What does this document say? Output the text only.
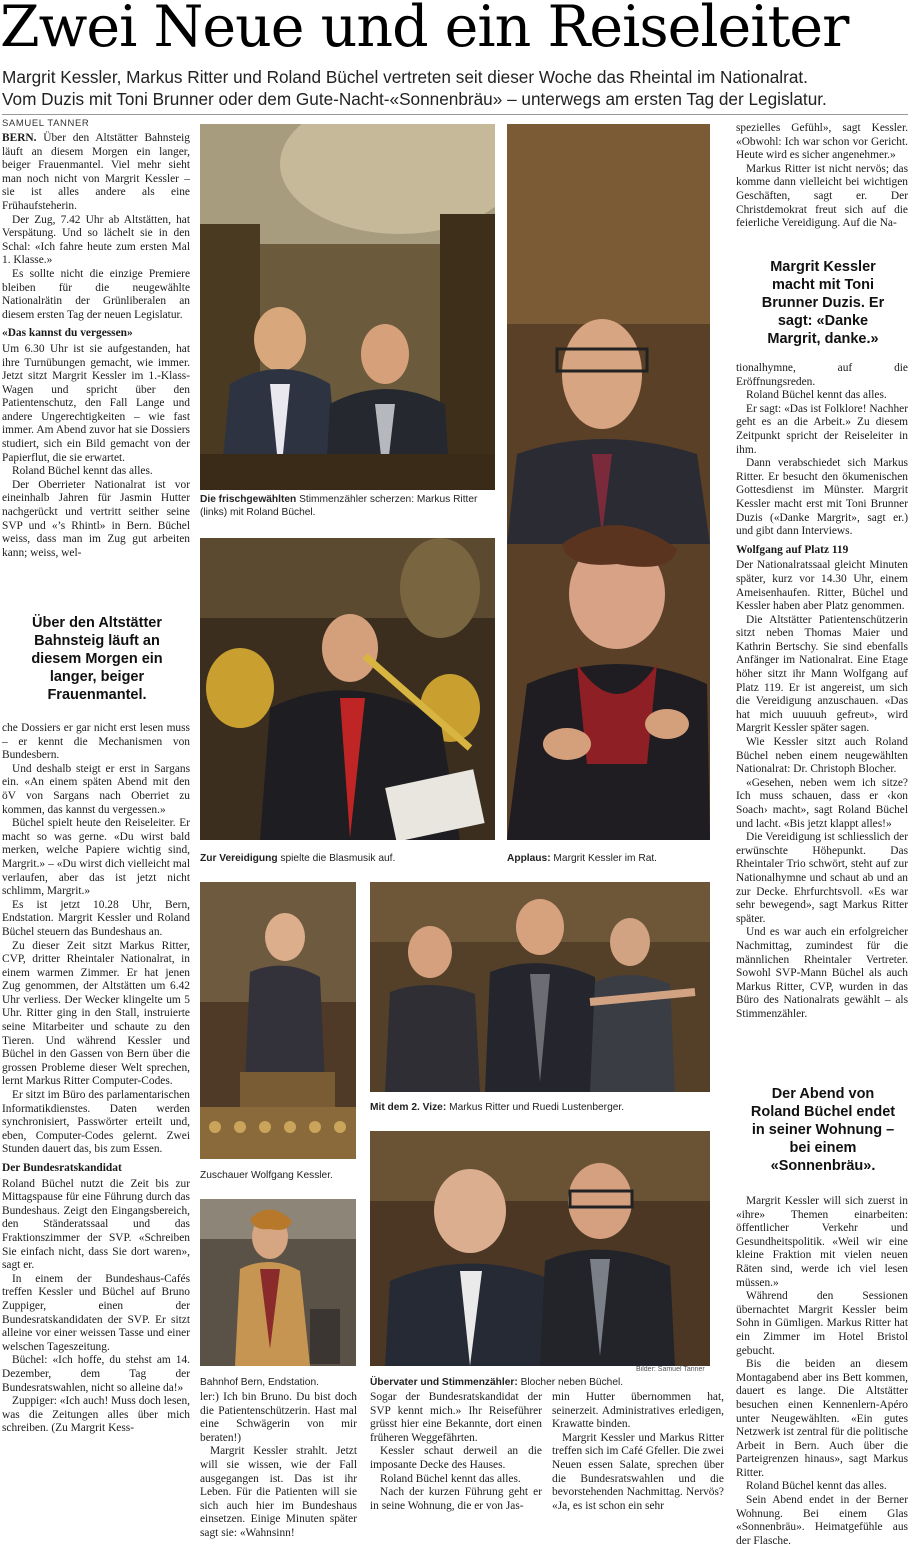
Zwei Neue und ein Reiseleiter
Margrit Kessler, Markus Ritter und Roland Büchel vertreten seit dieser Woche das Rheintal im Nationalrat.
Vom Duzis mit Toni Brunner oder dem Gute-Nacht-«Sonnenbräu» – unterwegs am ersten Tag der Legislatur.
SAMUEL TANNER

BERN. Über den Altstätter Bahnsteig läuft an diesem Morgen ein langer, beiger Frauenmantel. Viel mehr sieht man noch nicht von Margrit Kessler – sie ist alles andere als eine Frühaufsteherin.

Der Zug, 7.42 Uhr ab Altstätten, hat Verspätung. Und so lächelt sie in den Schal: «Ich fahre heute zum ersten Mal 1. Klasse.»

Es sollte nicht die einzige Premiere bleiben für die neugewählte Nationalrätin der Grünliberalen an diesem ersten Tag der neuen Legislatur.

«Das kannst du vergessen»

Um 6.30 Uhr ist sie aufgestanden, hat ihre Turnübungen gemacht, wie immer. Jetzt sitzt Margrit Kessler im 1.-Klass-Wagen und spricht über den Patientenschutz, den Fall Lange und andere Ungerechtigkeiten – wie fast immer. Am Abend zuvor hat sie Dossiers studiert, sich ein Bild gemacht von der Papierflut, die sie erwartet.

Roland Büchel kennt das alles.

Der Oberrieter Nationalrat ist vor eineinhalb Jahren für Jasmin Hutter nachgerückt und vertritt seither seine SVP und «’s Rhintl» in Bern. Büchel weiss, dass man im Zug gut arbeiten kann; weiss, wel-

Über den Altstätter Bahnsteig läuft an diesem Morgen ein langer, beiger Frauenmantel.

che Dossiers er gar nicht erst lesen muss – er kennt die Mechanismen von Bundesbern.

Und deshalb steigt er erst in Sargans ein. «An einem späten Abend mit den öV von Sargans nach Oberriet zu kommen, das kannst du vergessen.»

Büchel spielt heute den Reiseleiter. Er macht so was gerne. «Du wirst bald merken, welche Papiere wichtig sind, Margrit.» – «Du wirst dich vielleicht mal verlaufen, aber das ist jetzt nicht schlimm, Margrit.»

Es ist jetzt 10.28 Uhr, Bern, Endstation. Margrit Kessler und Roland Büchel steuern das Bundeshaus an.

Zu dieser Zeit sitzt Markus Ritter, CVP, dritter Rheintaler Nationalrat, in einem warmen Zimmer. Er hat jenen Zug genommen, der Altstätten um 6.42 Uhr verliess. Der Wecker klingelte um 5 Uhr. Ritter ging in den Stall, instruierte seine Mitarbeiter und schaute zu den Tieren. Und während Kessler und Büchel in den Gassen von Bern über die grossen Probleme dieser Welt sprechen, lernt Markus Ritter Computer-Codes.

Er sitzt im Büro des parlamentarischen Informatikdienstes. Daten werden synchronisiert, Passwörter erteilt und, eben, Computer-Codes gelernt. Zwei Stunden dauert das, bis zum Essen.

Der Bundesratskandidat

Roland Büchel nutzt die Zeit bis zur Mittagspause für eine Führung durch das Bundeshaus. Zeigt den Eingangsbereich, den Ständeratssaal und das Fraktionszimmer der SVP. «Schreiben Sie einfach nicht, dass Sie dort waren», sagt er.

In einem der Bundeshaus-Cafés treffen Kessler und Büchel auf Bruno Zuppiger, einen der Bundesratskandidaten der SVP. Er sitzt alleine vor einer weissen Tasse und einer welschen Tageszeitung.

Büchel: «Ich hoffe, du stehst am 14. Dezember, dem Tag der Bundesratswahlen, nicht so alleine da!»

Zuppiger: «Ich auch! Muss doch lesen, was die Zeitungen alles über mich schreiben. (Zu Margrit Kess-

Die frischgewählten Stimmenzähler scherzen: Markus Ritter (links) mit Roland Büchel.
Zur Vereidigung spielte die Blasmusik auf.	Applaus: Margrit Kessler im Rat.
Zuschauer Wolfgang Kessler.
Bahnhof Bern, Endstation.
Mit dem 2. Vize: Markus Ritter und Ruedi Lustenberger.
Bilder: Samuel Tanner
Übervater und Stimmenzähler: Blocher neben Büchel.

ler:) Ich bin Bruno. Du bist doch die Patientenschützerin. Hast mal eine Schwägerin von mir beraten!)

Margrit Kessler strahlt. Jetzt will sie wissen, wie der Fall ausgegangen ist. Das ist ihr Leben. Für die Patienten will sie sich auch hier im Bundeshaus einsetzen. Einige Minuten später sagt sie: «Wahnsinn!

Sogar der Bundesratskandidat der SVP kennt mich.» Ihr Reiseführer grüsst hier eine Bekannte, dort einen früheren Weggefährten.

Kessler schaut derweil an die imposante Decke des Hauses.

Roland Büchel kennt das alles.

Nach der kurzen Führung geht er in seine Wohnung, die er von Jas-

min Hutter übernommen hat, seinerzeit. Administratives erledigen, Krawatte binden.

Margrit Kessler und Markus Ritter treffen sich im Café Gfeller. Die zwei Neuen essen Salate, sprechen über die Bundesratswahlen und die bevorstehenden Nachmittag. Nervös? «Ja, es ist schon ein sehr

spezielles Gefühl», sagt Kessler. «Obwohl: Ich war schon vor Gericht. Heute wird es sicher angenehmer.»

Markus Ritter ist nicht nervös; das komme dann vielleicht bei wichtigen Geschäften, sagt er. Der Christdemokrat freut sich auf die feierliche Vereidigung. Auf die Na-

Margrit Kessler macht mit Toni Brunner Duzis. Er sagt: «Danke Margrit, danke.»

tionalhymne, auf die Eröffnungsreden.

Roland Büchel kennt das alles.

Er sagt: «Das ist Folklore! Nachher geht es an die Arbeit.» Zu diesem Zeitpunkt spricht der Reiseleiter in ihm.

Dann verabschiedet sich Markus Ritter. Er besucht den ökumenischen Gottesdienst im Münster. Margrit Kessler macht erst mit Toni Brunner Duzis («Danke Margrit», sagt er.) und gibt dann Interviews.

Wolfgang auf Platz 119

Der Nationalratssaal gleicht Minuten später, kurz vor 14.30 Uhr, einem Ameisenhaufen. Ritter, Büchel und Kessler haben aber Platz genommen.

Die Altstätter Patientenschützerin sitzt neben Thomas Maier und Kathrin Bertschy. Sie sind ebenfalls Anfänger im Nationalrat. Eine Etage höher sitzt ihr Mann Wolfgang auf Platz 119. Er ist angereist, um sich die Vereidigung anzuschauen. «Das hat mich uuuuuh gefreut», wird Margrit Kessler später sagen.

Wie Kessler sitzt auch Roland Büchel neben einem neugewählten Nationalrat: Dr. Christoph Blocher.

«Gesehen, neben wem ich sitze? Ich muss schauen, dass er ‹kon Soach› macht», sagt Roland Büchel und lacht. «Bis jetzt klappt alles!»

Die Vereidigung ist schliesslich der erwünschte Höhepunkt. Das Rheintaler Trio schwört, steht auf zur Nationalhymne und schaut ab und an zur Decke. Ehrfurchtsvoll. «Es war sehr bewegend», sagt Markus Ritter später.

Und es war auch ein erfolgreicher Nachmittag, zumindest für die männlichen Rheintaler Vertreter. Sowohl SVP-Mann Büchel als auch Markus Ritter, CVP, wurden in das Büro des Nationalrats gewählt – als Stimmenzähler.

Der Abend von Roland Büchel endet in seiner Wohnung – bei einem «Sonnenbräu».

Margrit Kessler will sich zuerst in «ihre» Themen einarbeiten: öffentlicher Verkehr und Gesundheitspolitik. «Weil wir eine kleine Fraktion mit vielen neuen Räten sind, werde ich viel lesen müssen.»

Während den Sessionen übernachtet Margrit Kessler beim Sohn in Gümligen. Markus Ritter hat ein Zimmer im Hotel Bristol gebucht.

Bis die beiden an diesem Montagabend aber ins Bett kommen, dauert es lange. Die Altstätter besuchen einen Kennenlern-Apéro unter Neugewählten. «Ein gutes Netzwerk ist zentral für die politische Arbeit in Bern. Auch über die Parteigrenzen hinaus», sagt Markus Ritter.

Roland Büchel kennt das alles.

Sein Abend endet in der Berner Wohnung. Bei einem Glas «Sonnenbräu». Heimatgefühle aus der Flasche.
